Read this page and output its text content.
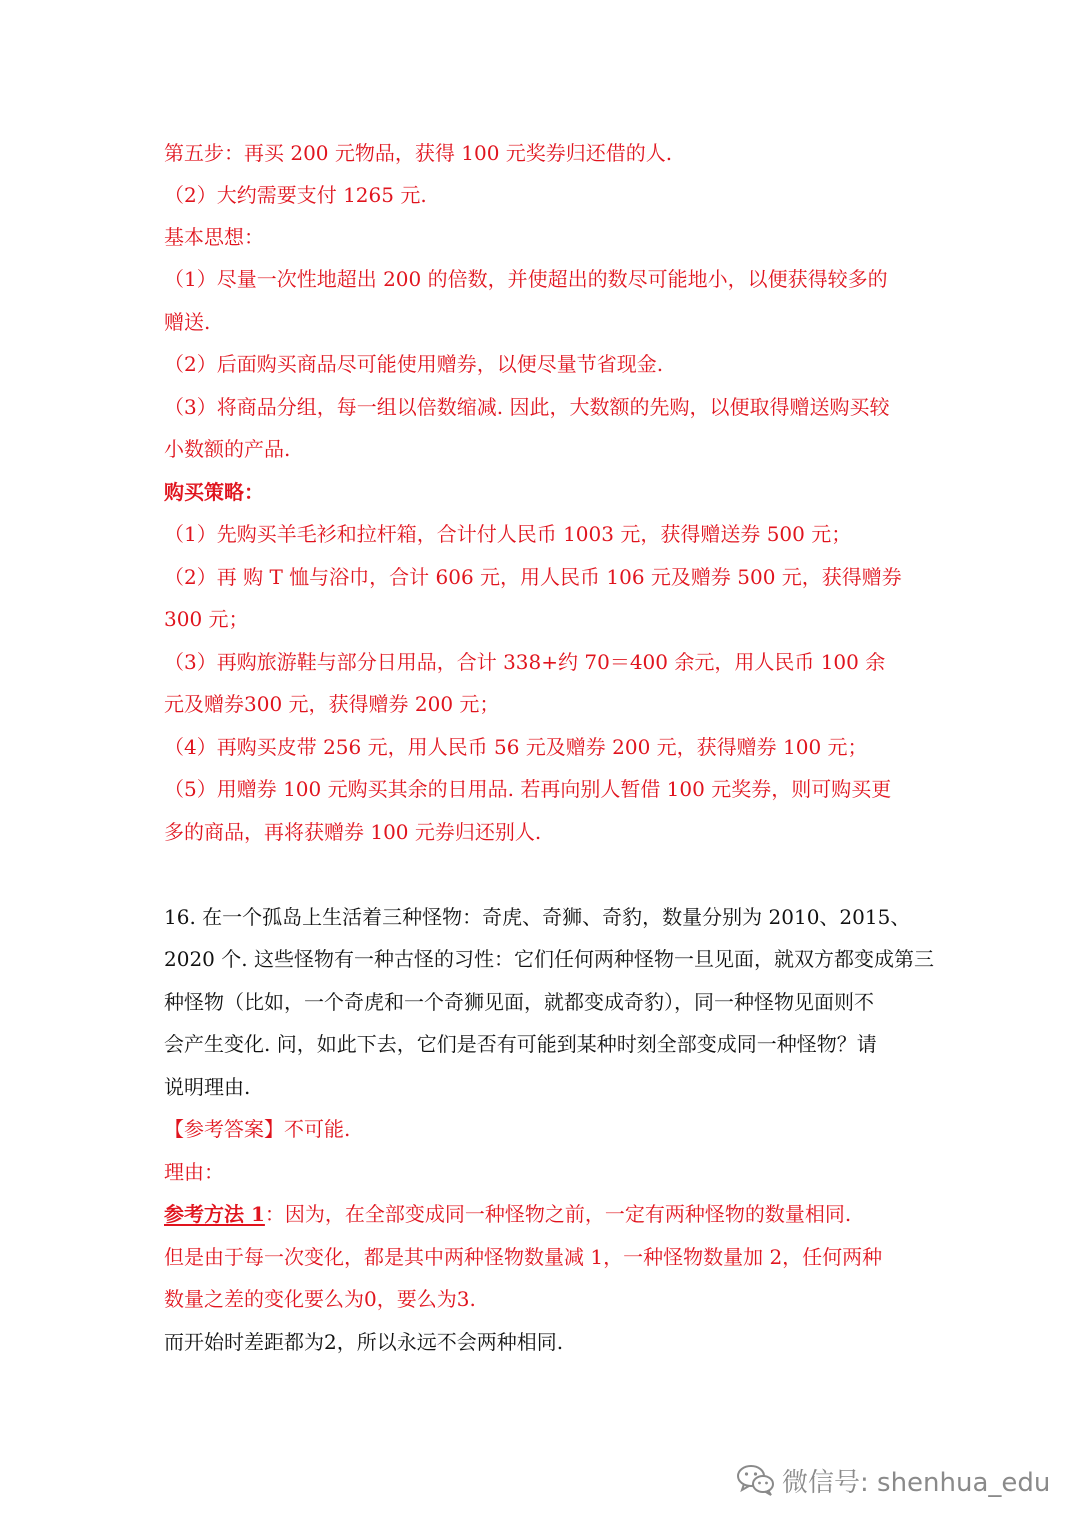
第五步：再买 200 元物品，获得 100 元奖券归还借的人.
（2）大约需要支付 1265 元.
基本思想：
（1）尽量一次性地超出 200 的倍数，并使超出的数尽可能地小，以便获得较多的
赠送.
（2）后面购买商品尽可能使用赠券，以便尽量节省现金.
（3）将商品分组，每一组以倍数缩减. 因此，大数额的先购，以便取得赠送购买较
小数额的产品.
购买策略：
（1）先购买羊毛衫和拉杆箱，合计付人民币 1003 元，获得赠送券 500 元；
（2）再 购 T 恤与浴巾，合计 606 元，用人民币 106 元及赠券 500 元，获得赠券
300 元；
（3）再购旅游鞋与部分日用品，合计 338+约 70＝400 余元，用人民币 100 余
元及赠券300 元，获得赠券 200 元；
（4）再购买皮带 256 元，用人民币 56 元及赠券 200 元，获得赠券 100 元；
（5）用赠券 100 元购买其余的日用品. 若再向别人暂借 100 元奖券，则可购买更
多的商品，再将获赠券 100 元券归还别人.
16. 在一个孤岛上生活着三种怪物：奇虎、奇狮、奇豹，数量分别为 2010、2015、
2020 个. 这些怪物有一种古怪的习性：它们任何两种怪物一旦见面，就双方都变成第三
种怪物（比如，一个奇虎和一个奇狮见面，就都变成奇豹），同一种怪物见面则不
会产生变化. 问，如此下去，它们是否有可能到某种时刻全部变成同一种怪物？请
说明理由.
【参考答案】不可能.
理由：
参考方法 1：因为，在全部变成同一种怪物之前，一定有两种怪物的数量相同.
但是由于每一次变化，都是其中两种怪物数量减 1，一种怪物数量加 2，任何两种
数量之差的变化要么为0，要么为3.
而开始时差距都为2，所以永远不会两种相同.
微信号: shenhua_edu
